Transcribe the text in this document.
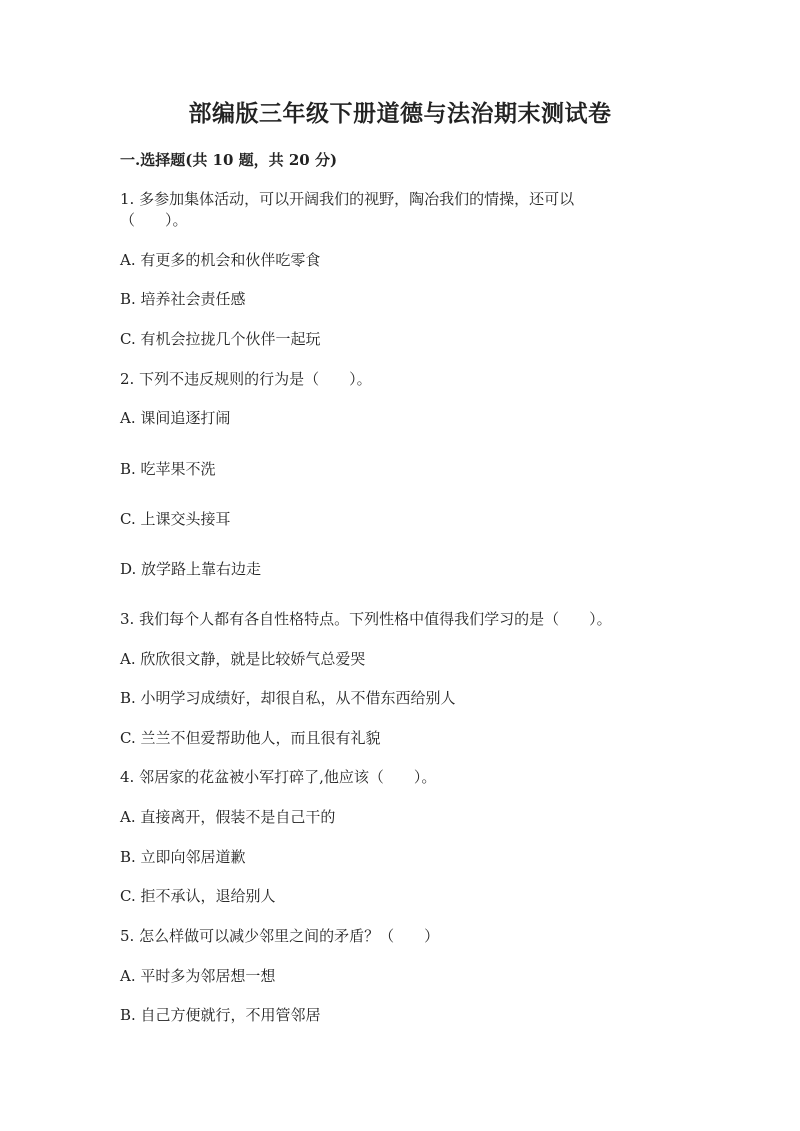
部编版三年级下册道德与法治期末测试卷
一.选择题(共 10 题，共 20 分)
1. 多参加集体活动，可以开阔我们的视野，陶冶我们的情操，还可以
（　　）。
A. 有更多的机会和伙伴吃零食
B. 培养社会责任感
C. 有机会拉拢几个伙伴一起玩
2. 下列不违反规则的行为是（　　）。
A. 课间追逐打闹
B. 吃苹果不洗
C. 上课交头接耳
D. 放学路上靠右边走
3. 我们每个人都有各自性格特点。下列性格中值得我们学习的是（　　）。
A. 欣欣很文静，就是比较娇气总爱哭
B. 小明学习成绩好，却很自私，从不借东西给别人
C. 兰兰不但爱帮助他人，而且很有礼貌
4. 邻居家的花盆被小军打碎了,他应该（　　）。
A. 直接离开，假装不是自己干的
B. 立即向邻居道歉
C. 拒不承认，退给别人
5. 怎么样做可以减少邻里之间的矛盾？（　　）
A. 平时多为邻居想一想
B. 自己方便就行，不用管邻居
